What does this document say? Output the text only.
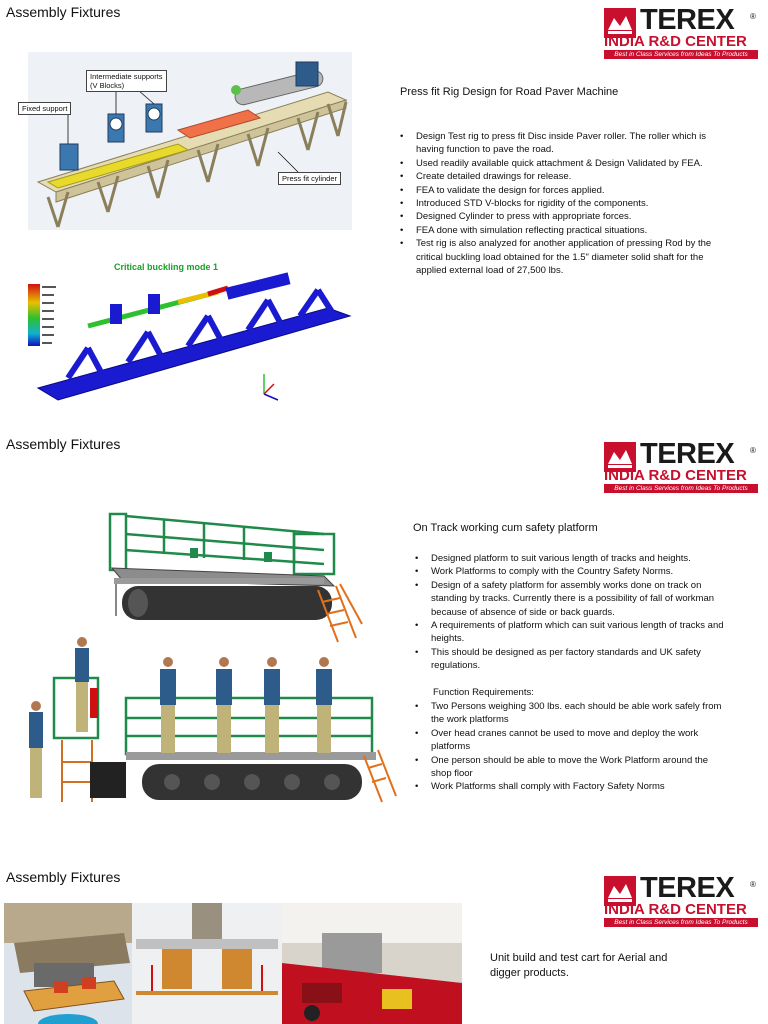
Assembly Fixtures	TEREX ®
INDIA R&D CENTER
Best in Class Services from Ideas To Products
Fixed support
Intermediate supports
(V Blocks)
Press fit cylinder
Critical buckling mode 1
Press fit Rig Design for Road Paver Machine
• Design Test rig to press fit Disc inside Paver roller. The roller which is having function to pave the road.
• Used readily available quick attachment & Design Validated by FEA.
• Create detailed drawings for release.
• FEA to validate the design for forces applied.
• Introduced STD V-blocks for rigidity of the components.
• Designed Cylinder to press with appropriate forces.
• FEA done with simulation reflecting practical situations.
• Test rig is also analyzed for another application of pressing Rod by the critical buckling load obtained for the 1.5" diameter solid shaft for the applied external load of 27,500 lbs.
Assembly Fixtures	TEREX ®
INDIA R&D CENTER
Best in Class Services from Ideas To Products
On Track working cum safety platform
• Designed platform to suit various length of tracks and heights.
• Work Platforms to comply with the Country Safety Norms.
• Design of a safety platform for assembly works done on track on standing by tracks. Currently there is a possibility of fall of workman because of absence of side or back guards.
• A requirements of platform which can suit various length of tracks and heights.
• This should be designed as per factory standards and UK safety regulations.
Function Requirements:
• Two Persons weighing 300 lbs. each should be able work safely from the work platforms
• Over head cranes cannot be used to move and deploy the work platforms
• One person should be able to move the Work Platform around the shop floor
• Work Platforms shall comply with Factory Safety Norms
Assembly Fixtures	TEREX ®
INDIA R&D CENTER
Best in Class Services from Ideas To Products
Unit build and test cart for Aerial and digger products.
